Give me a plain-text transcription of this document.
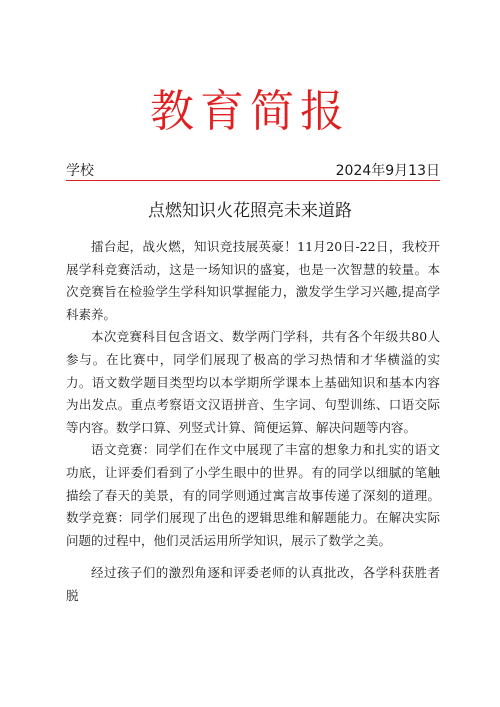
教育简报
学校	2024年9月13日
点燃知识火花照亮未来道路

擂台起，战火燃，知识竞技展英豪！11月20日-22日，我校开展学科竞赛活动，这是一场知识的盛宴，也是一次智慧的较量。本次竞赛旨在检验学生学科知识掌握能力，激发学生学习兴趣,提高学科素养。

本次竞赛科目包含语文、数学两门学科，共有各个年级共80人参与。在比赛中，同学们展现了极高的学习热情和才华横溢的实力。语文数学题目类型均以本学期所学课本上基础知识和基本内容为出发点。重点考察语文汉语拼音、生字词、句型训练、口语交际等内容。数学口算、列竖式计算、简便运算、解决问题等内容。

语文竞赛：同学们在作文中展现了丰富的想象力和扎实的语文功底，让评委们看到了小学生眼中的世界。有的同学以细腻的笔触描绘了春天的美景，有的同学则通过寓言故事传递了深刻的道理。数学竞赛：同学们展现了出色的逻辑思维和解题能力。在解决实际问题的过程中，他们灵活运用所学知识，展示了数学之美。

经过孩子们的激烈角逐和评委老师的认真批改，各学科获胜者脱
